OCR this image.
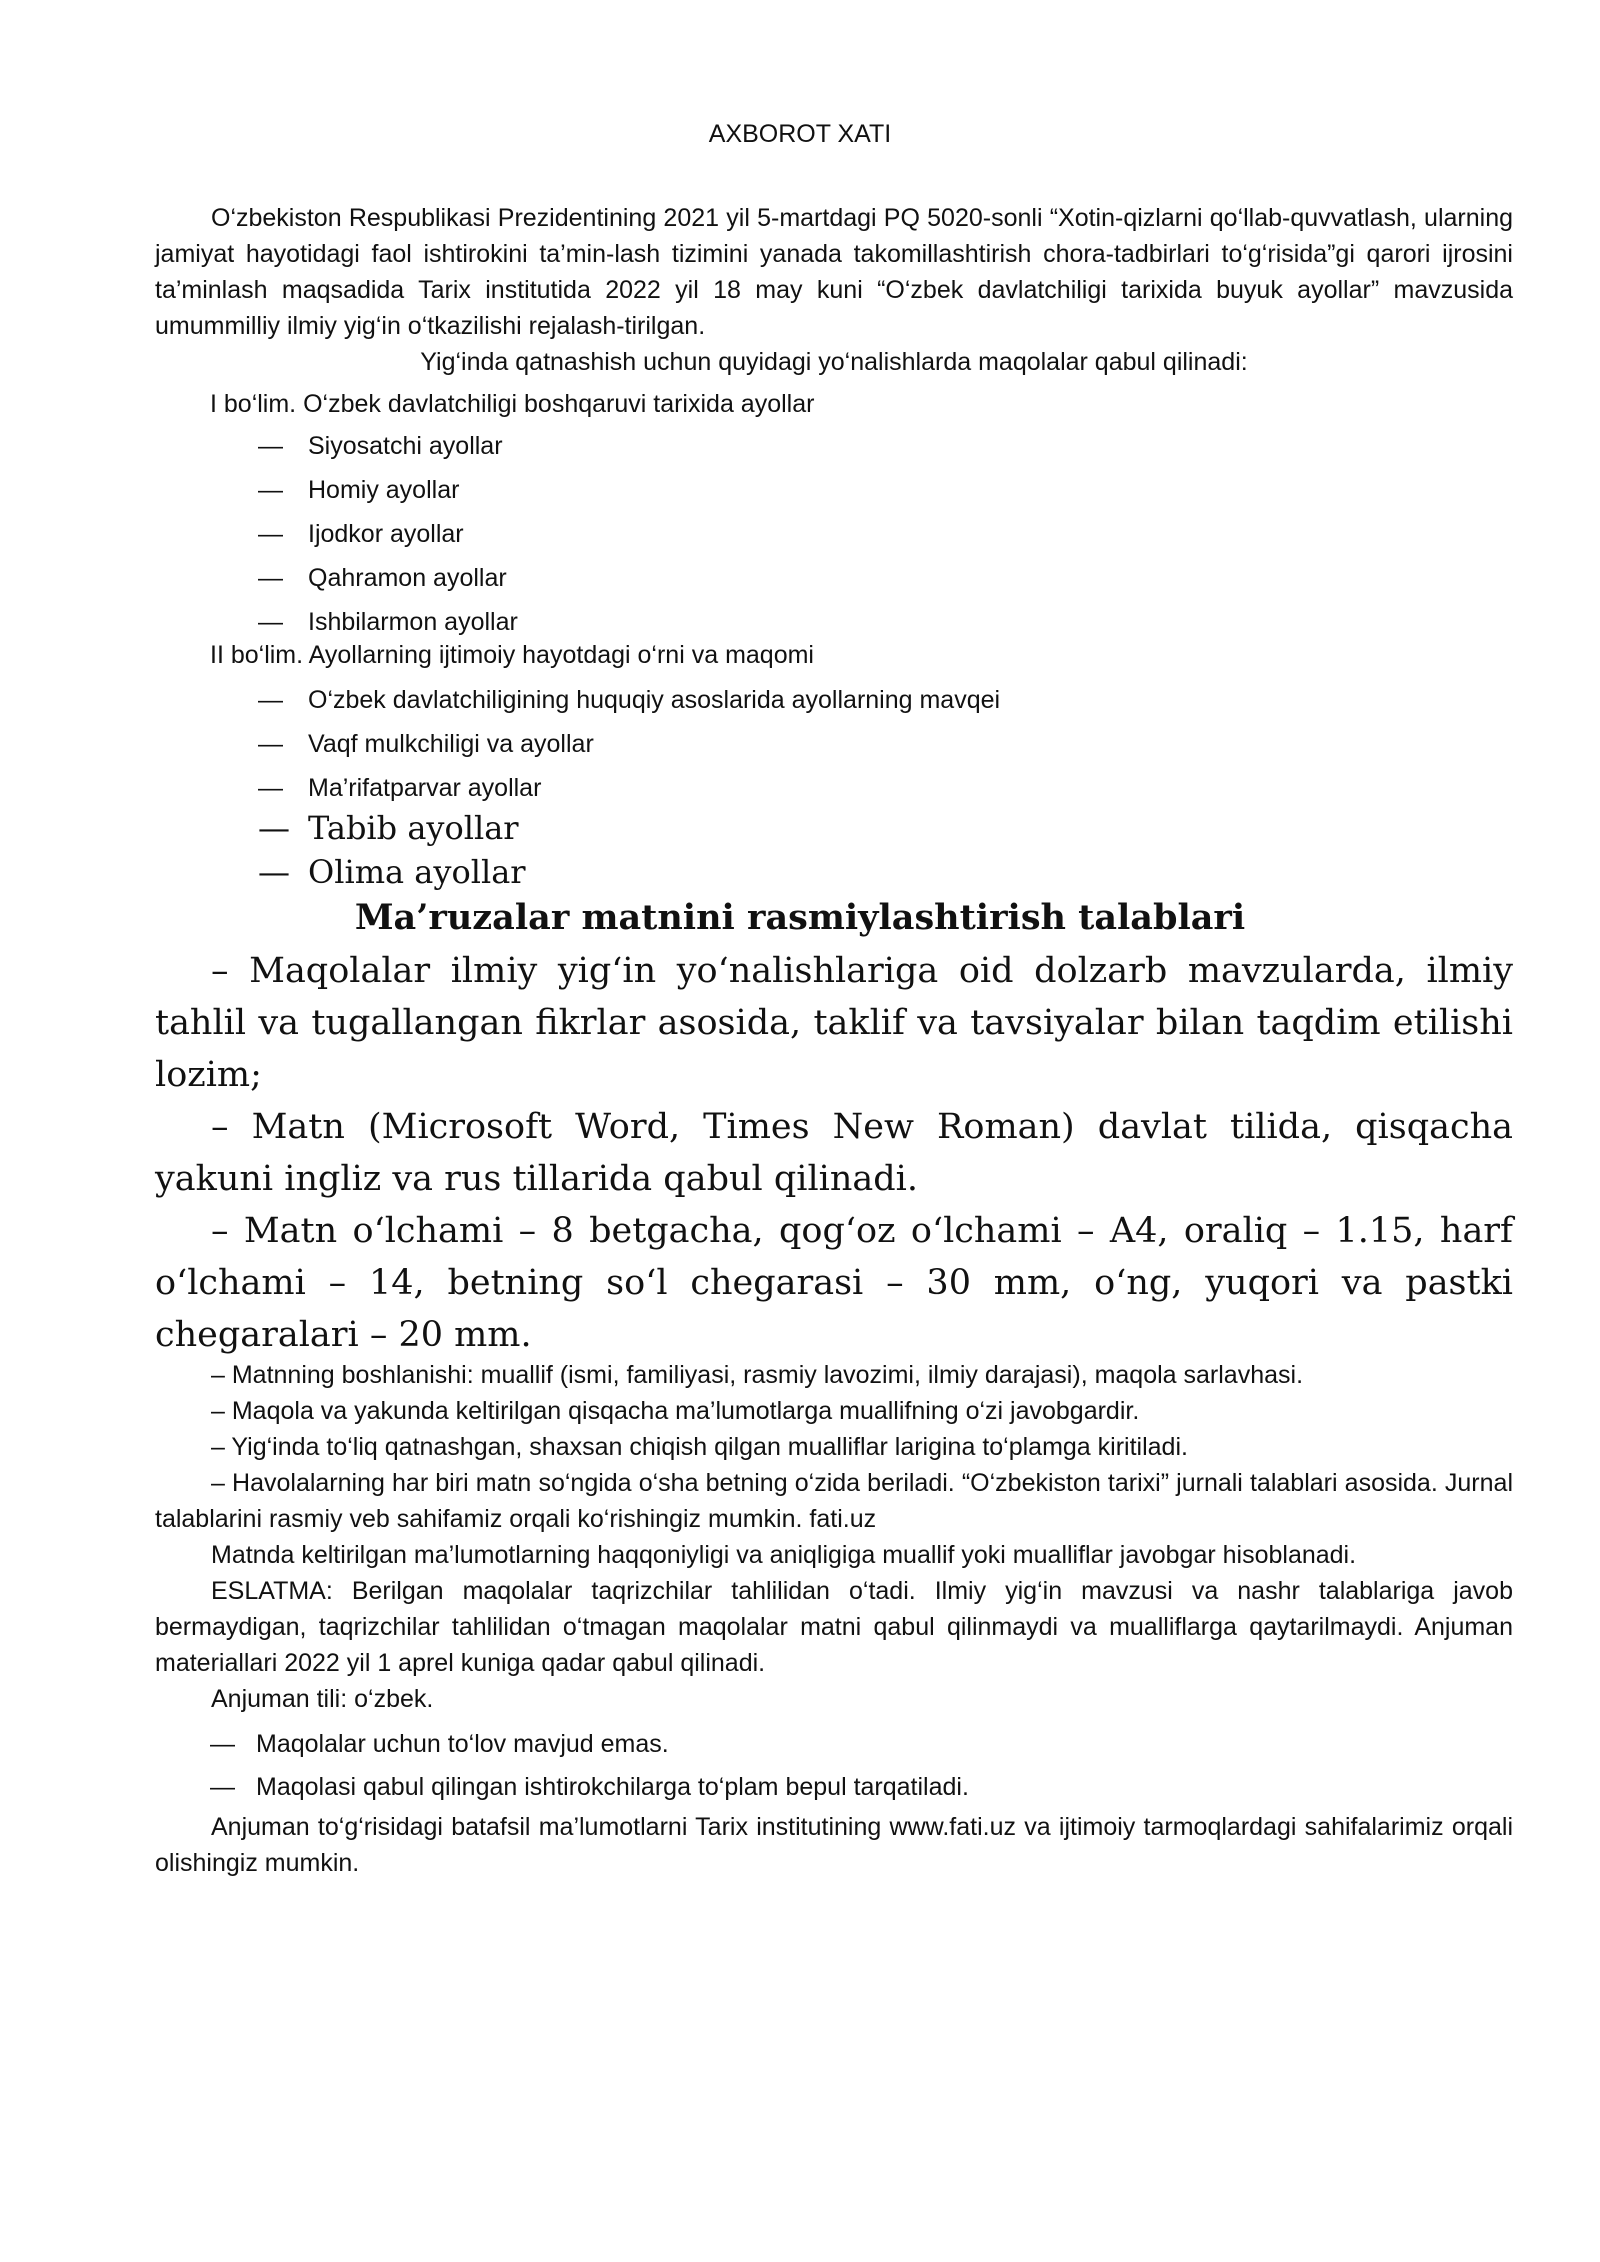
AXBOROT XATI

O‘zbekiston Respublikasi Prezidentining 2021 yil 5-martdagi PQ 5020-sonli “Xotin-qizlarni qo‘llab-quvvatlash, ularning jamiyat hayotidagi faol ishtirokini ta’min-lash tizimini yanada takomillashtirish chora-tadbirlari to‘g‘risida”gi qarori ijrosini ta’minlash maqsadida Tarix institutida 2022 yil 18 may kuni “O‘zbek davlatchiligi tarixida buyuk ayollar” mavzusida umummilliy ilmiy yig‘in o‘tkazilishi rejalash-tirilgan.

Yig‘inda qatnashish uchun quyidagi yo‘nalishlarda maqolalar qabul qilinadi:

I bo‘lim. O‘zbek davlatchiligi boshqaruvi tarixida ayollar
— Siyosatchi ayollar
— Homiy ayollar
— Ijodkor ayollar
— Qahramon ayollar
— Ishbilarmon ayollar
II bo‘lim. Ayollarning ijtimoiy hayotdagi o‘rni va maqomi
— O‘zbek davlatchiligining huquqiy asoslarida ayollarning mavqei
— Vaqf mulkchiligi va ayollar
— Ma’rifatparvar ayollar
— Tabib ayollar
— Olima ayollar
Ma’ruzalar matnini rasmiylashtirish talablari

– Maqolalar ilmiy yig‘in yo‘nalishlariga oid dolzarb mavzularda, ilmiy tahlil va tugallangan fikrlar asosida, taklif va tavsiyalar bilan taqdim etilishi lozim;

– Matn (Microsoft Word, Times New Roman) davlat tilida, qisqacha yakuni ingliz va rus tillarida qabul qilinadi.

– Matn o‘lchami – 8 betgacha, qog‘oz o‘lchami – A4, oraliq – 1.15, harf o‘lchami – 14, betning so‘l chegarasi – 30 mm, o‘ng, yuqori va pastki chegaralari – 20 mm.

– Matnning boshlanishi: muallif (ismi, familiyasi, rasmiy lavozimi, ilmiy darajasi), maqola sarlavhasi.

– Maqola va yakunda keltirilgan qisqacha ma’lumotlarga muallifning o‘zi javobgardir.

– Yig‘inda to‘liq qatnashgan, shaxsan chiqish qilgan mualliflar larigina to‘plamga kiritiladi.

– Havolalarning har biri matn so‘ngida o‘sha betning o‘zida beriladi. “O‘zbekiston tarixi” jurnali talablari asosida. Jurnal talablarini rasmiy veb sahifamiz orqali ko‘rishingiz mumkin. fati.uz

Matnda keltirilgan ma’lumotlarning haqqoniyligi va aniqligiga muallif yoki mualliflar javobgar hisoblanadi.

ESLATMA: Berilgan maqolalar taqrizchilar tahlilidan o‘tadi. Ilmiy yig‘in mavzusi va nashr talablariga javob bermaydigan, taqrizchilar tahlilidan o‘tmagan maqolalar matni qabul qilinmaydi va mualliflarga qaytarilmaydi. Anjuman materiallari 2022 yil 1 aprel kuniga qadar qabul qilinadi.

Anjuman tili: o‘zbek.

— Maqolalar uchun to‘lov mavjud emas.
— Maqolasi qabul qilingan ishtirokchilarga to‘plam bepul tarqatiladi.

Anjuman to‘g‘risidagi batafsil ma’lumotlarni Tarix institutining www.fati.uz va ijtimoiy tarmoqlardagi sahifalarimiz orqali olishingiz mumkin.
